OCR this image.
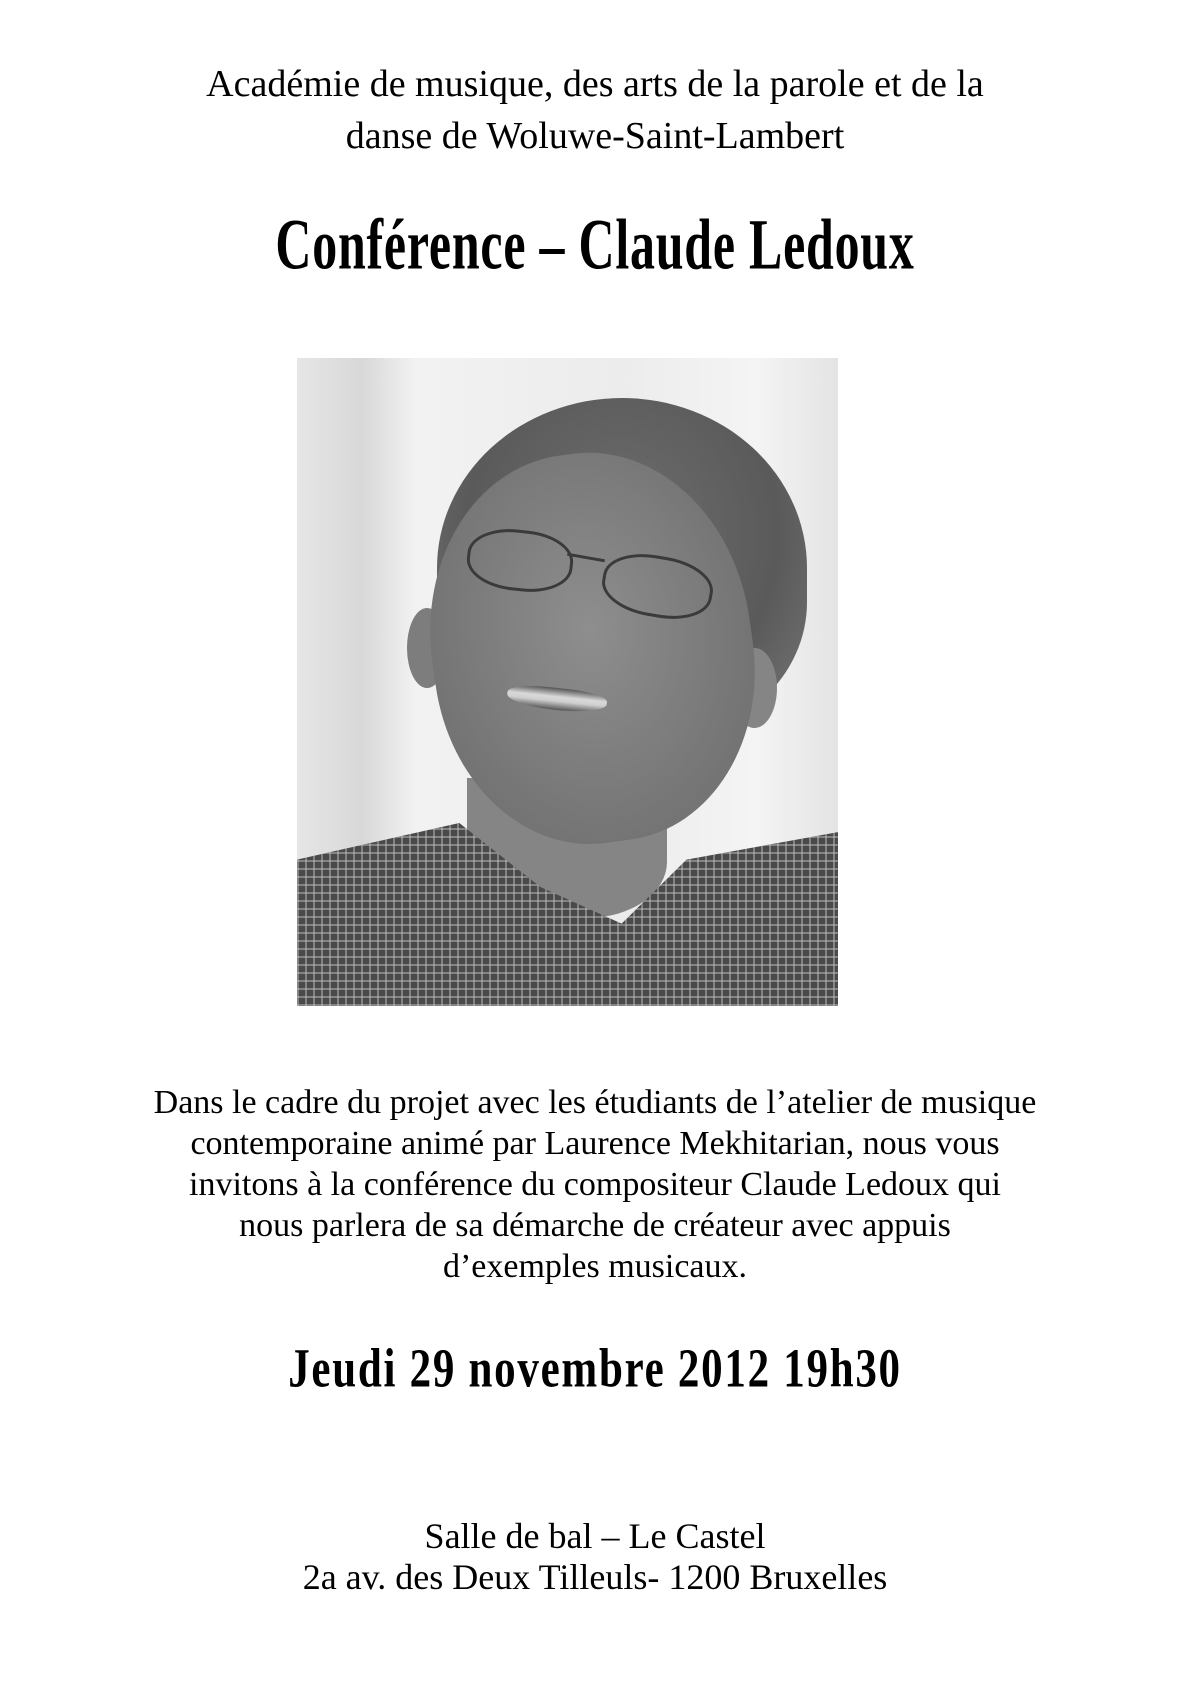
Académie de musique, des arts de la parole et de la
danse de Woluwe-Saint-Lambert
Conférence – Claude Ledoux
Dans le cadre du projet avec les étudiants de l’atelier de musique
contemporaine animé par Laurence Mekhitarian, nous vous
invitons à la conférence du compositeur Claude Ledoux qui
nous parlera de sa démarche de créateur avec appuis
d’exemples musicaux.
Jeudi 29 novembre 2012 19h30
Salle de bal – Le Castel
2a av. des Deux Tilleuls- 1200 Bruxelles
